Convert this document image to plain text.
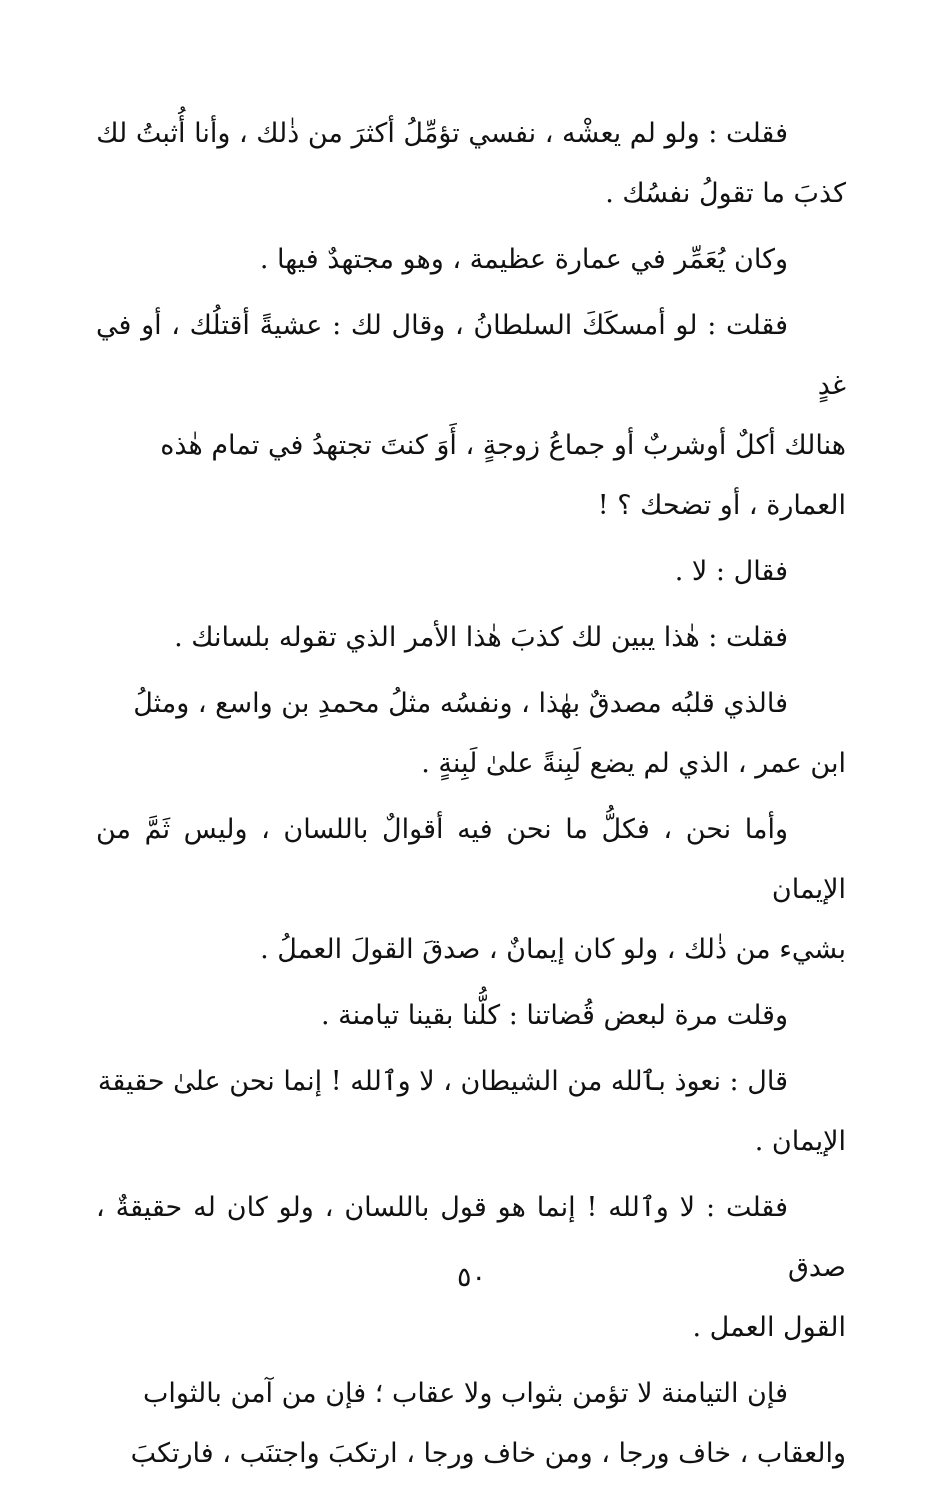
فقلت : ولو لم يعشْه ، نفسي تؤمِّلُ أكثرَ من ذٰلك ، وأنا أُثبتُ لك
كذبَ ما تقولُ نفسُك .

وكان يُعَمِّر في عمارة عظيمة ، وهو مجتهدٌ فيها .

فقلت : لو أمسكَكَ السلطانُ ، وقال لك : عشيةً أقتلُك ، أو في غدٍ
هنالك أكلٌ أوشربٌ أو جماعُ زوجةٍ ، أَوَ كنتَ تجتهدُ في تمام هٰذه
العمارة ، أو تضحك ؟ !

فقال : لا .

فقلت : هٰذا يبين لك كذبَ هٰذا الأمر الذي تقوله بلسانك .

فالذي قلبُه مصدقٌ بهٰذا ، ونفسُه مثلُ محمدِ بن واسع ، ومثلُ
ابن عمر ، الذي لم يضع لَبِنةً علىٰ لَبِنةٍ .

وأما نحن ، فكلُّ ما نحن فيه أقوالٌ باللسان ، وليس ثَمَّ من الإيمان
بشيء من ذٰلك ، ولو كان إيمانٌ ، صدقَ القولَ العملُ .

وقلت مرة لبعض قُضاتنا : كلُّنا بقينا تيامنة .

قال : نعوذ بٱلله من الشيطان ، لا وٱلله ! إنما نحن علىٰ حقيقة
الإيمان .

فقلت : لا وٱلله ! إنما هو قول باللسان ، ولو كان له حقيقةٌ ، صدق
القول العمل .

فإن التيامنة لا تؤمن بثواب ولا عقاب ؛ فإن من آمن بالثواب
والعقاب ، خاف ورجا ، ومن خاف ورجا ، ارتكبَ واجتنَب ، فارتكبَ

٥٠
